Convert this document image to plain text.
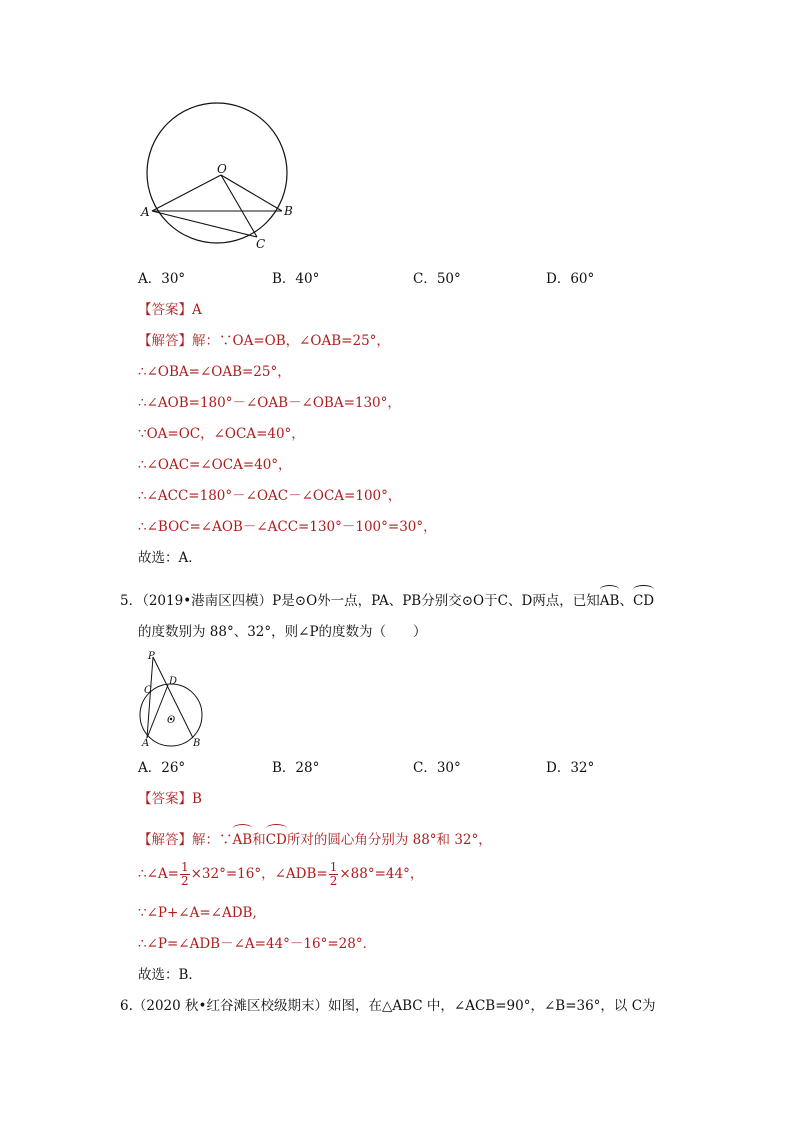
O
A	B
C
A．30°	B．40°	C．50°	D．60°
【答案】A
【解答】解：∵OA=OB，∠OAB=25°，
∴∠OBA=∠OAB=25°，
∴∠AOB=180°－∠OAB－∠OBA=130°，
∵OA=OC，∠OCA=40°，
∴∠OAC=∠OCA=40°，
∴∠ACC=180°－∠OAC－∠OCA=100°，
∴∠BOC=∠AOB－∠ACC=130°－100°=30°，
故选：A．
5．（2019•港南区四模）P是⊙O外一点，PA、PB分别交⊙O于C、D两点，已知AB、CD
的度数别为 88°、32°，则∠P的度数为（　　）
P
C
D
O
A	B
A．26°	B．28°	C．30°	D．32°
【答案】B
【解答】解：∵AB和CD所对的圆心角分别为 88°和 32°，
∴∠A= $\frac{1}{2} \times 32^\circ=16^\circ$，∠ADB= $\frac{1}{2} \times 88^\circ=44^\circ$，
∵∠P+∠A=∠ADB,
∴∠P=∠ADB－∠A=44°－16°=28°．
故选：B．
6.（2020 秋•红谷滩区校级期末）如图，在△ABC 中，∠ACB=90°，∠B=36°，以 C为
